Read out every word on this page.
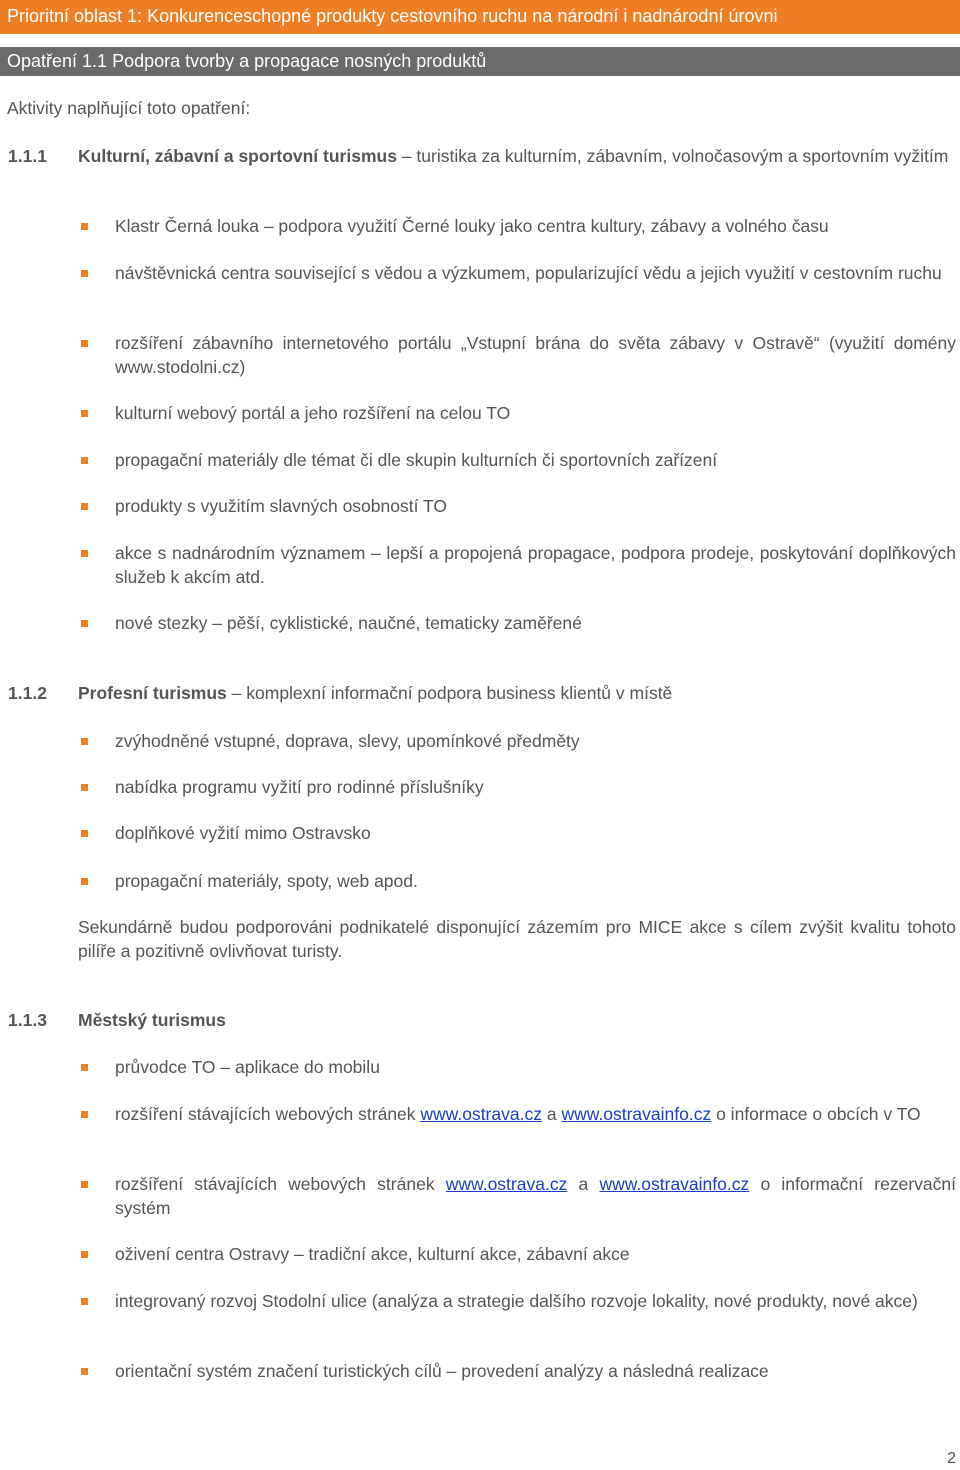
Prioritní oblast 1: Konkurenceschopné produkty cestovního ruchu na národní i nadnárodní úrovni
Opatření 1.1 Podpora tvorby a propagace nosných produktů
Aktivity naplňující toto opatření:
1.1.1	Kulturní, zábavní a sportovní turismus – turistika za kulturním, zábavním, volnočasovým a sportovním vyžitím
Klastr Černá louka – podpora využití Černé louky jako centra kultury, zábavy a volného času
návštěvnická centra související s vědou a výzkumem, popularizující vědu a jejich využití v cestovním ruchu
rozšíření zábavního internetového portálu „Vstupní brána do světa zábavy v Ostravě“ (využití domény www.stodolni.cz)
kulturní webový portál a jeho rozšíření na celou TO
propagační materiály dle témat či dle skupin kulturních či sportovních zařízení
produkty s využitím slavných osobností TO
akce s nadnárodním významem – lepší a propojená propagace, podpora prodeje, poskytování doplňkových služeb k akcím atd.
nové stezky – pěší, cyklistické, naučné, tematicky zaměřené
1.1.2	Profesní turismus – komplexní informační podpora business klientů v místě
zvýhodněné vstupné, doprava, slevy, upomínkové předměty
nabídka programu vyžití pro rodinné příslušníky
doplňkové vyžití mimo Ostravsko
propagační materiály, spoty, web apod.
Sekundárně budou podporováni podnikatelé disponující zázemím pro MICE akce s cílem zvýšit kvalitu tohoto pilíře a pozitivně ovlivňovat turisty.
1.1.3	Městský turismus
průvodce TO – aplikace do mobilu
rozšíření stávajících webových stránek www.ostrava.cz a www.ostravainfo.cz o informace o obcích v TO
rozšíření stávajících webových stránek www.ostrava.cz a www.ostravainfo.cz o informační rezervační systém
oživení centra Ostravy – tradiční akce, kulturní akce, zábavní akce
integrovaný rozvoj Stodolní ulice (analýza a strategie dalšího rozvoje lokality, nové produkty, nové akce)
orientační systém značení turistických cílů – provedení analýzy a následná realizace
2
